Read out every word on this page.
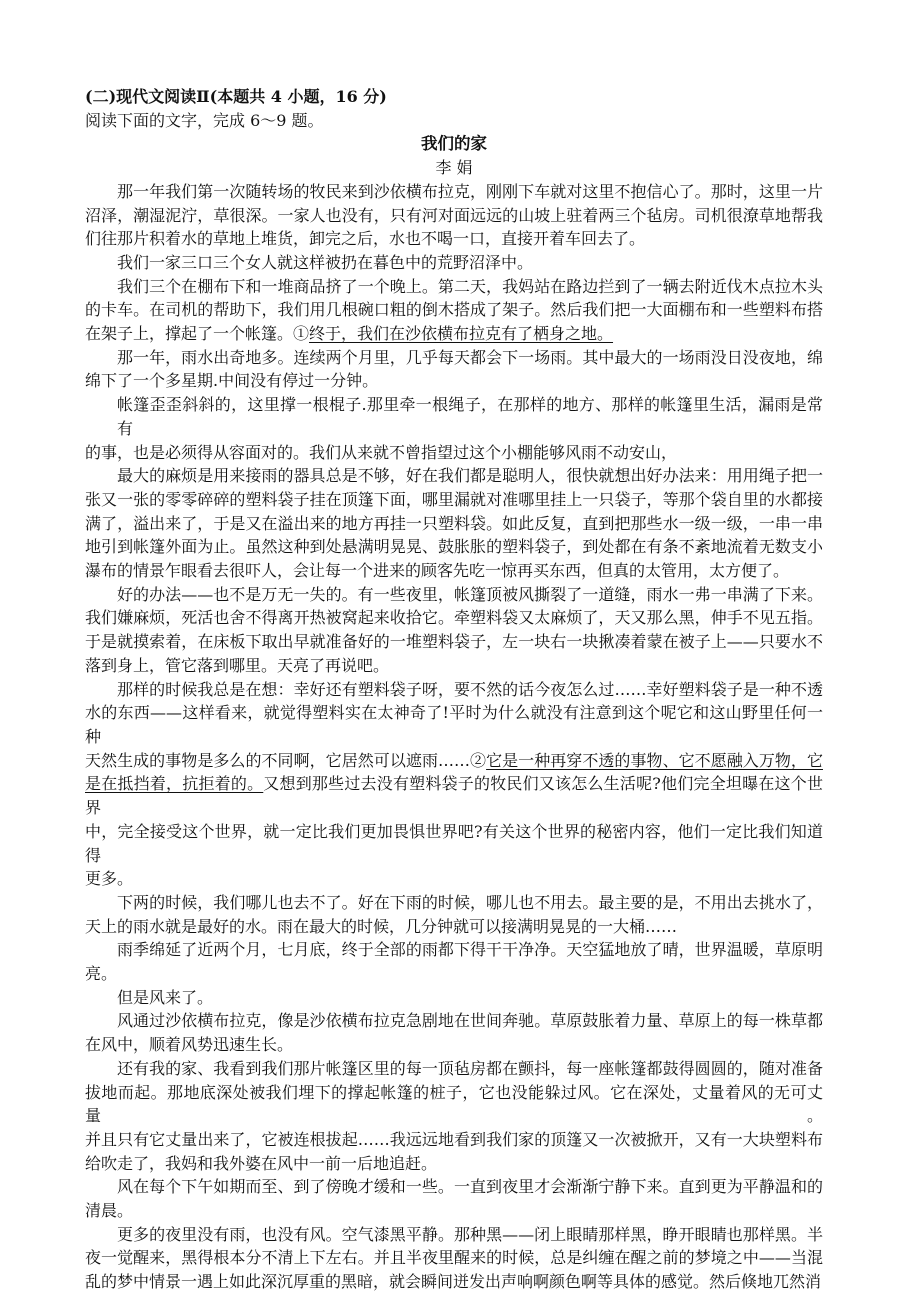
(二)现代文阅读Ⅱ(本题共 4 小题，16 分)
阅读下面的文字，完成 6～9 题。
我们的家
李 娟
那一年我们第一次随转场的牧民来到沙依横布拉克，刚刚下车就对这里不抱信心了。那时，这里一片
沼泽，潮湿泥泞，草很深。一家人也没有，只有河对面远远的山坡上驻着两三个毡房。司机很潦草地帮我
们往那片积着水的草地上堆货，卸完之后，水也不喝一口，直接开着车回去了。
我们一家三口三个女人就这样被扔在暮色中的荒野沼泽中。
我们三个在棚布下和一堆商品挤了一个晚上。第二天，我妈站在路边拦到了一辆去附近伐木点拉木头
的卡车。在司机的帮助下，我们用几根碗口粗的倒木搭成了架子。然后我们把一大面棚布和一些塑料布搭
在架子上，撑起了一个帐篷。①终于，我们在沙依横布拉克有了栖身之地。
那一年，雨水出奇地多。连续两个月里，几乎每天都会下一场雨。其中最大的一场雨没日没夜地，绵
绵下了一个多星期.中间没有停过一分钟。
帐篷歪歪斜斜的，这里撑一根棍子.那里牵一根绳子，在那样的地方、那样的帐篷里生活，漏雨是常有
的事，也是必须得从容面对的。我们从来就不曾指望过这个小棚能够风雨不动安山，
最大的麻烦是用来接雨的器具总是不够，好在我们都是聪明人，很快就想出好办法来：用用绳子把一
张又一张的零零碎碎的塑料袋子挂在顶篷下面，哪里漏就对准哪里挂上一只袋子，等那个袋自里的水都接
满了，溢出来了，于是又在溢出来的地方再挂一只塑料袋。如此反复，直到把那些水一级一级，一串一串
地引到帐篷外面为止。虽然这种到处悬满明晃晃、鼓胀胀的塑料袋子，到处都在有条不紊地流着无数支小
瀑布的情景乍眼看去很吓人，会让每一个进来的顾客先吃一惊再买东西，但真的太管用，太方便了。
好的办法——也不是万无一失的。有一些夜里，帐篷顶被风撕裂了一道缝，雨水一弗一串满了下来。
我们嫌麻烦，死活也舍不得离开热被窝起来收拾它。牵塑料袋又太麻烦了，天又那么黑，伸手不见五指。
于是就摸索着，在床板下取出早就准备好的一堆塑料袋子，左一块右一块揪凑着蒙在被子上——只要水不
落到身上，管它落到哪里。天亮了再说吧。
那样的时候我总是在想：幸好还有塑料袋子呀，要不然的话今夜怎么过……幸好塑料袋子是一种不透
水的东西——这样看来，就觉得塑料实在太神奇了!平时为什么就没有注意到这个呢它和这山野里任何一种
天然生成的事物是多么的不同啊，它居然可以遮雨……②它是一种再穿不透的事物、它不愿融入万物，它
是在抵挡着，抗拒着的。又想到那些过去没有塑料袋子的牧民们又该怎么生活呢?他们完全坦曝在这个世界
中，完全接受这个世界，就一定比我们更加畏惧世界吧?有关这个世界的秘密内容，他们一定比我们知道得
更多。
下两的时候，我们哪儿也去不了。好在下雨的时候，哪儿也不用去。最主要的是，不用出去挑水了，
天上的雨水就是最好的水。雨在最大的时候，几分钟就可以接满明晃晃的一大桶……
雨季绵延了近两个月，七月底，终于全部的雨都下得干干净净。天空猛地放了晴，世界温暖，草原明
亮。
但是风来了。
风通过沙依横布拉克，像是沙依横布拉克急剧地在世间奔驰。草原鼓胀着力量、草原上的每一株草都
在风中，顺着风势迅速生长。
还有我的家、我看到我们那片帐篷区里的每一顶毡房都在颤抖，每一座帐篷都鼓得圆圆的，随对准备
拔地而起。那地底深处被我们埋下的撑起帐篷的桩子，它也没能躲过风。它在深处，丈量着风的无可丈量。
并且只有它丈量出来了，它被连根拔起……我远远地看到我们家的顶篷又一次被掀开，又有一大块塑料布
给吹走了，我妈和我外婆在风中一前一后地追赶。
风在每个下午如期而至、到了傍晚才缓和一些。一直到夜里才会渐渐宁静下来。直到更为平静温和的
清晨。
更多的夜里没有雨，也没有风。空气漆黑平静。那种黑——闭上眼睛那样黑，睁开眼睛也那样黑。半
夜一觉醒来，黑得根本分不清上下左右。并且半夜里醒来的时候，总是纠缠在醒之前的梦境之中——当混
乱的梦中情景一遇上如此深沉厚重的黑暗，就会瞬间迸发出声响啊颜色啊等具体的感觉。然后倏地兀然消
